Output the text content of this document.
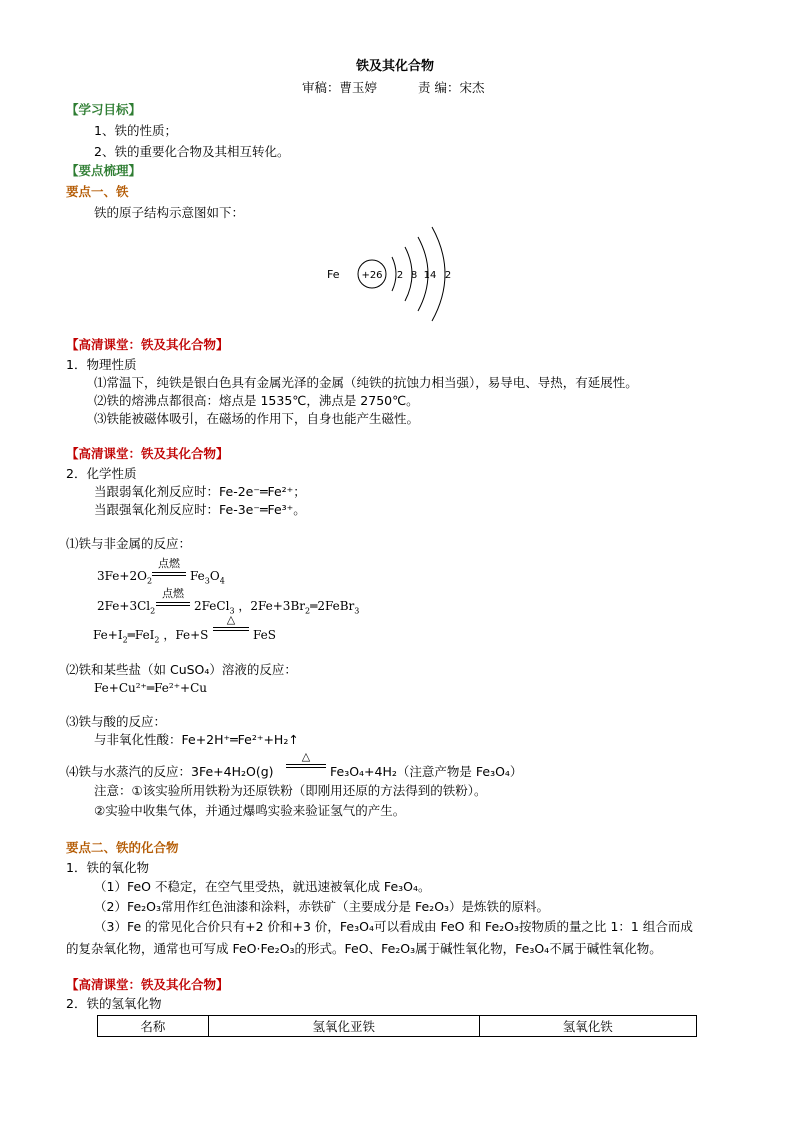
铁及其化合物
审稿：曹玉婷	责 编：宋杰
【学习目标】
1、铁的性质；
2、铁的重要化合物及其相互转化。
【要点梳理】
要点一、铁
铁的原子结构示意图如下：
Fe +26 2 8 14 2
【高清课堂：铁及其化合物】
1．物理性质
⑴常温下，纯铁是银白色具有金属光泽的金属（纯铁的抗蚀力相当强），易导电、导热，有延展性。
⑵铁的熔沸点都很高：熔点是 1535℃，沸点是 2750℃。
⑶铁能被磁体吸引，在磁场的作用下，自身也能产生磁性。
【高清课堂：铁及其化合物】
2．化学性质
当跟弱氧化剂反应时：Fe-2e⁻═Fe²⁺；
当跟强氧化剂反应时：Fe-3e⁻═Fe³⁺。
⑴铁与非金属的反应：
$3Fe+2O_2$
点燃
$Fe_3O_4$
$2Fe+3Cl_2$
点燃
2FeCl$_3$ ，$2Fe+3Br_2═2FeBr_3$
$Fe+I_2═FeI_2$ ，Fe+S
△
FeS
⑵铁和某些盐（如 CuSO₄）溶液的反应：
Fe+Cu²⁺═Fe²⁺+Cu
⑶铁与酸的反应：
与非氧化性酸：Fe+2H⁺═Fe²⁺+H₂↑
⑷铁与水蒸汽的反应：3Fe+4H₂O(g)
△
Fe₃O₄+4H₂（注意产物是 Fe₃O₄）
注意：①该实验所用铁粉为还原铁粉（即刚用还原的方法得到的铁粉）。
②实验中收集气体，并通过爆鸣实验来验证氢气的产生。
要点二、铁的化合物
1．铁的氧化物
（1）FeO 不稳定，在空气里受热，就迅速被氧化成 Fe₃O₄。
（2）Fe₂O₃常用作红色油漆和涂料，赤铁矿（主要成分是 Fe₂O₃）是炼铁的原料。
（3）Fe 的常见化合价只有+2 价和+3 价，Fe₃O₄可以看成由 FeO 和 Fe₂O₃按物质的量之比 1：1 组合而成
的复杂氧化物，通常也可写成 FeO·Fe₂O₃的形式。FeO、Fe₂O₃属于碱性氧化物，Fe₃O₄不属于碱性氧化物。
【高清课堂：铁及其化合物】
2．铁的氢氧化物
名称	氢氧化亚铁	氢氧化铁
